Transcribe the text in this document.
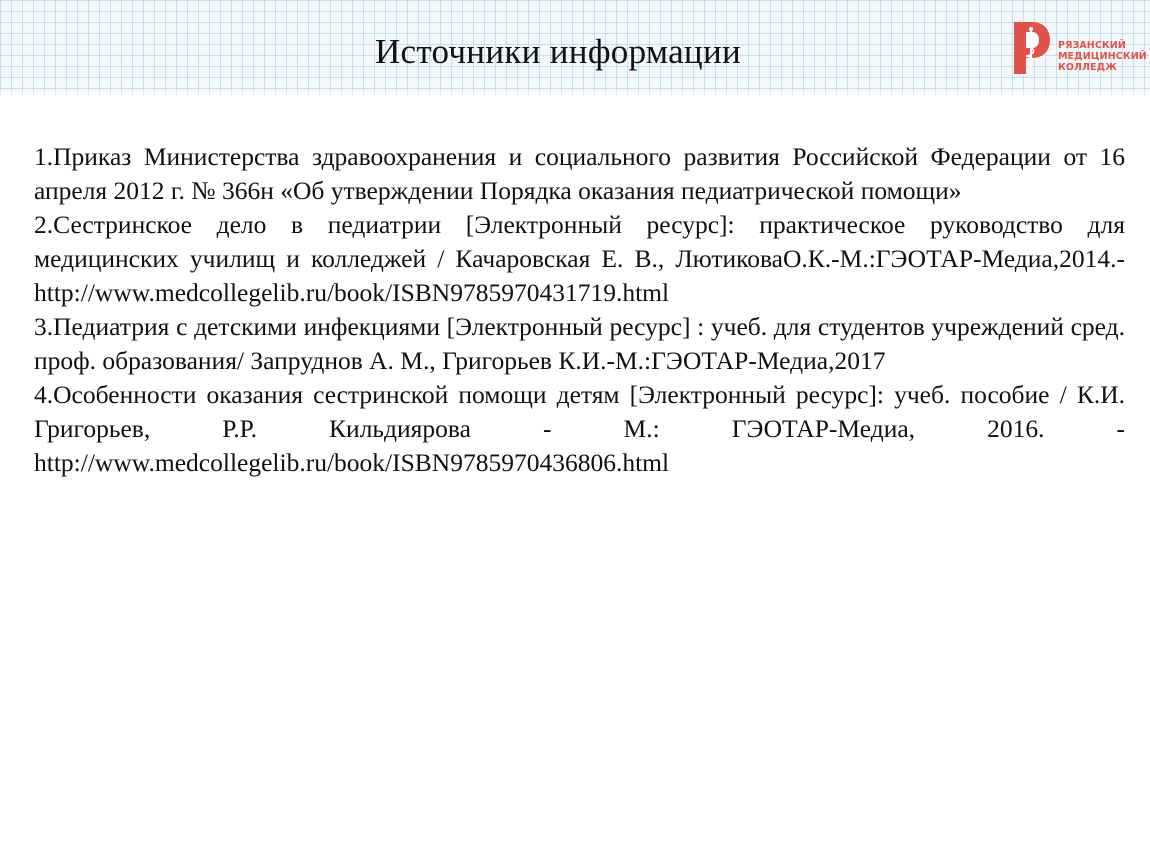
Источники информации	РЯЗАНСКИЙ
МЕДИЦИНСКИЙ
КОЛЛЕДЖ

1.Приказ Министерства здравоохранения и социального развития Российской Федерации от 16 апреля 2012 г. № 366н «Об утверждении Порядка оказания педиатрической помощи»

2.Сестринское дело в педиатрии [Электронный ресурс]: практическое руководство для медицинских училищ и колледжей / Качаровская Е. В., ЛютиковаО.К.-М.:ГЭОТАР-Медиа,2014.- http://www.medcollegelib.ru/book/ISBN9785970431719.html

3.Педиатрия с детскими инфекциями [Электронный ресурс] : учеб. для студентов учреждений сред. проф. образования/ Запруднов А. М., Григорьев К.И.-М.:ГЭОТАР-Медиа,2017

4.Особенности оказания сестринской помощи детям [Электронный ресурс]: учеб. пособие / К.И. Григорьев, Р.Р. Кильдиярова - М.: ГЭОТАР-Медиа, 2016. - http://www.medcollegelib.ru/book/ISBN9785970436806.html
